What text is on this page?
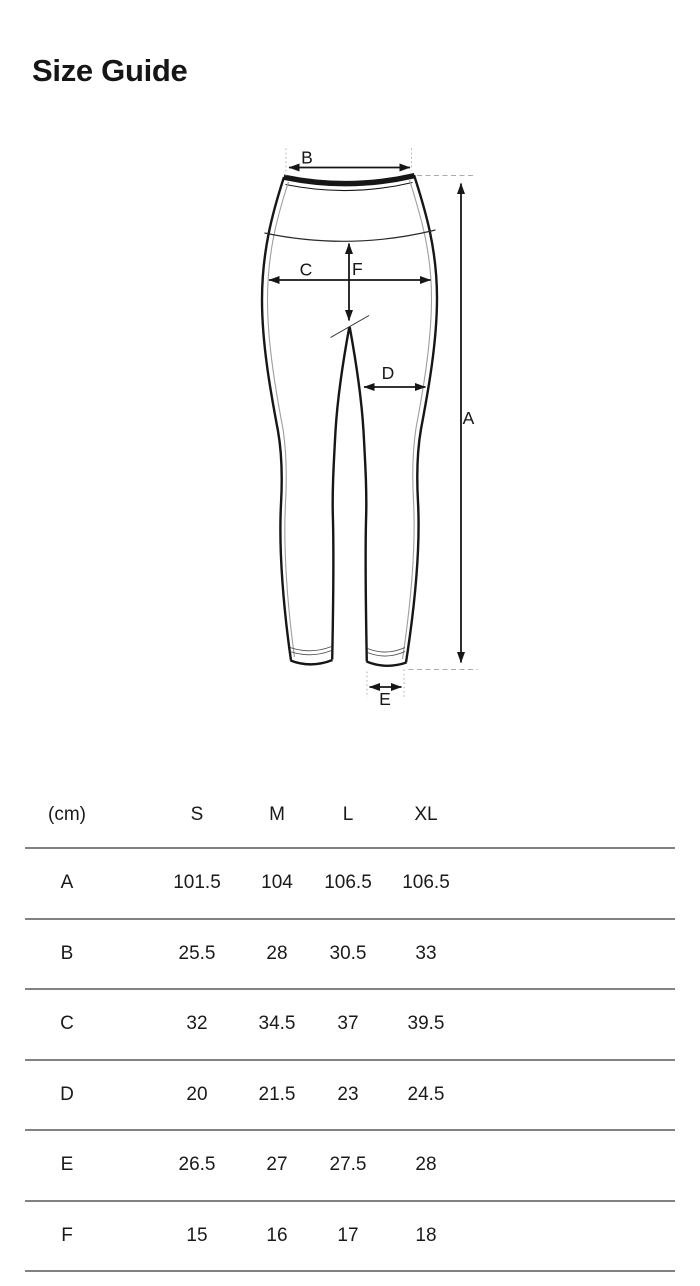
Size Guide
B
C F
D
A
E
(cm)	S	M	L	XL
A	101.5	104	106.5	106.5
B	25.5	28	30.5	33
C	32	34.5	37	39.5
D	20	21.5	23	24.5
E	26.5	27	27.5	28
F	15	16	17	18
